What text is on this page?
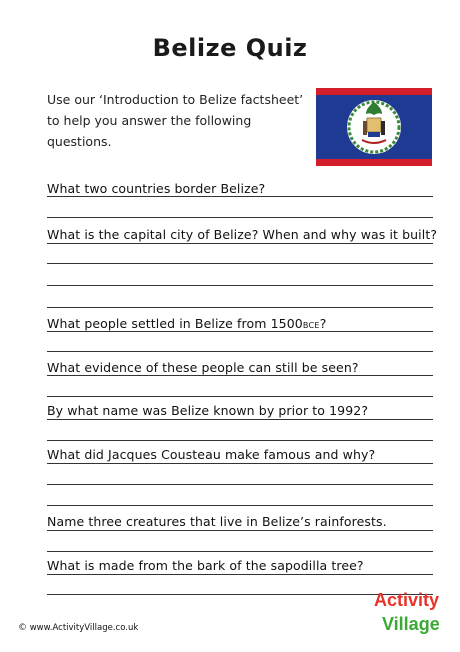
Belize Quiz
Use our ‘Introduction to Belize factsheet’ to help you answer the following questions.
What two countries border Belize?
What is the capital city of Belize? When and why was it built?
What people settled in Belize from 1500BCE?
What evidence of these people can still be seen?
By what name was Belize known by prior to 1992?
What did Jacques Cousteau make famous and why?
Name three creatures that live in Belize’s rainforests.
What is made from the bark of the sapodilla tree?
© www.ActivityVillage.co.uk
Activity
Village
